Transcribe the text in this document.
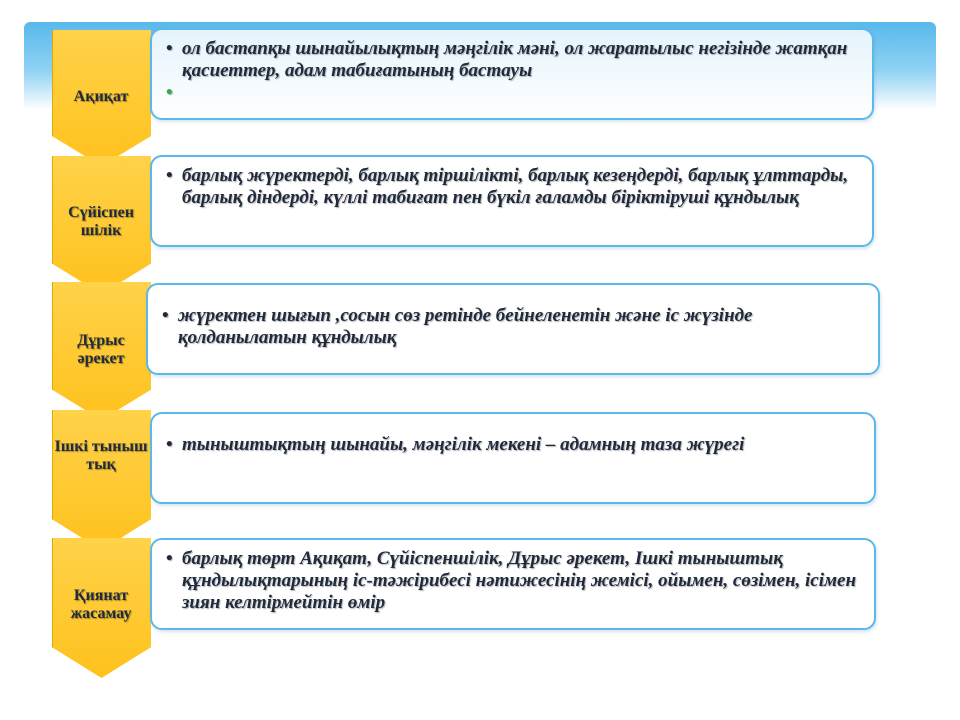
Ақиқат
• ол бастапқы шынайылықтың мәңгілік мәні, ол жаратылыс негізінде жатқан қасиеттер, адам табиғатының бастауы
•
Сүйіспен шілік
• барлық жүректерді, барлық тіршілікті, барлық кезеңдерді, барлық ұлттарды, барлық діндерді, күллі табиғат пен бүкіл ғаламды біріктіруші құндылық
Дұрыс әрекет
• жүректен шығып ,сосын сөз ретінде бейнеленетін және іс жүзінде қолданылатын құндылық
Ішкі тыныш тық
• тыныштықтың шынайы, мәңгілік мекені – адамның таза жүрегі
Қиянат жасамау
• барлық төрт Ақиқат, Сүйіспеншілік, Дұрыс әрекет, Ішкі тыныштық құндылықтарының іс-тәжірибесі нәтижесінің жемісі, ойымен, сөзімен, ісімен зиян келтірмейтін өмір
